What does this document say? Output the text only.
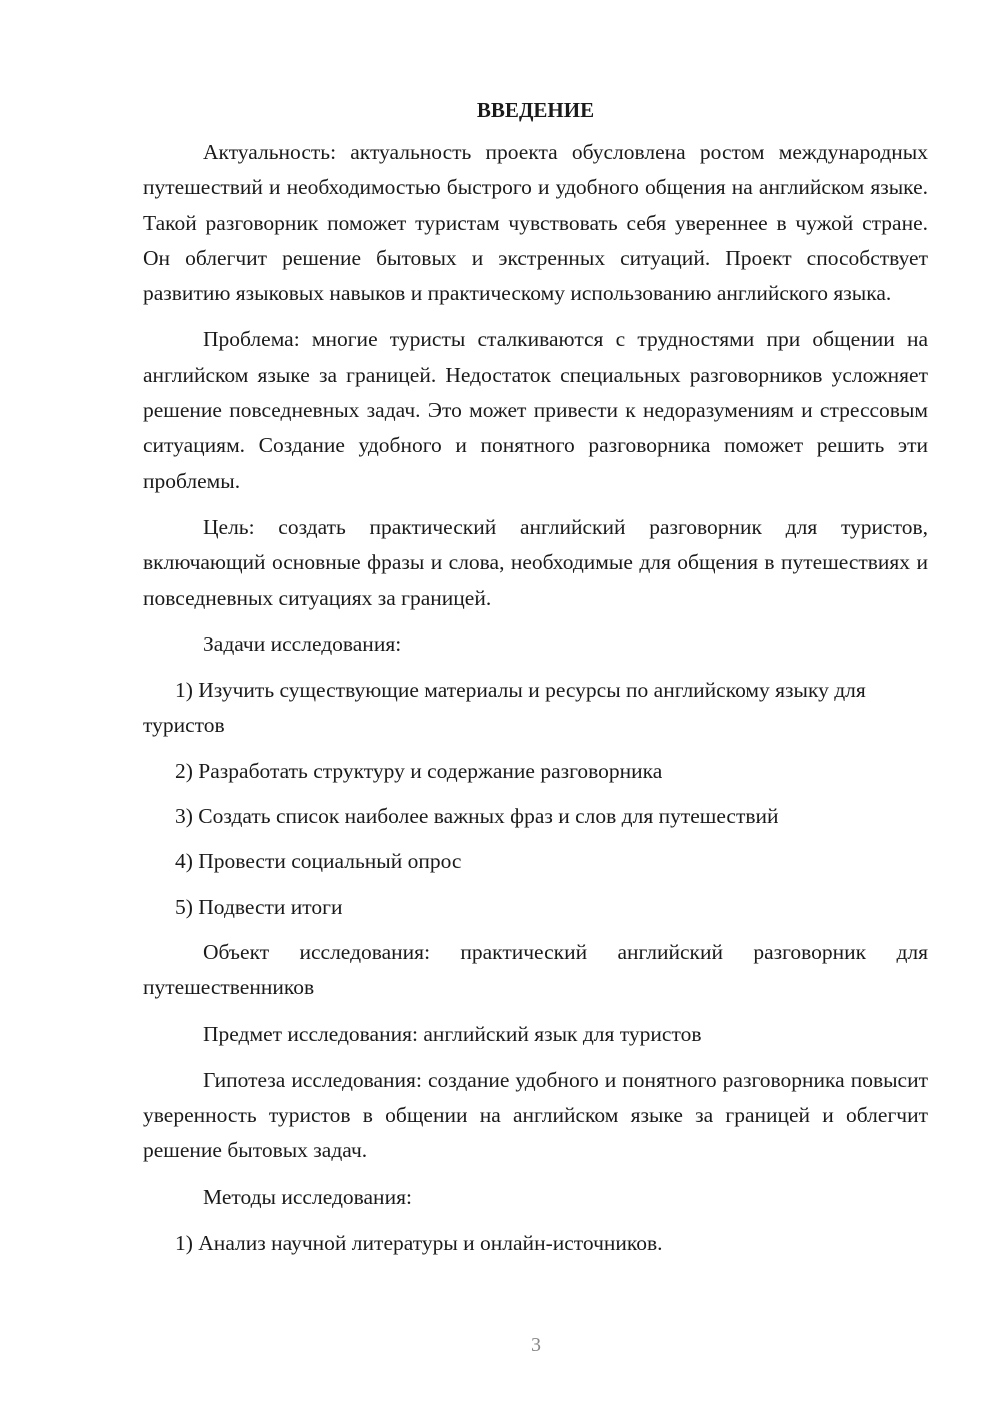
ВВЕДЕНИЕ

Актуальность: актуальность проекта обусловлена ростом международных путешествий и необходимостью быстрого и удобного общения на английском языке. Такой разговорник поможет туристам чувствовать себя увереннее в чужой стране. Он облегчит решение бытовых и экстренных ситуаций. Проект способствует развитию языковых навыков и практическому использованию английского языка.

Проблема: многие туристы сталкиваются с трудностями при общении на английском языке за границей. Недостаток специальных разговорников усложняет решение повседневных задач. Это может привести к недоразумениям и стрессовым ситуациям. Создание удобного и понятного разговорника поможет решить эти проблемы.

Цель: создать практический английский разговорник для туристов, включающий основные фразы и слова, необходимые для общения в путешествиях и повседневных ситуациях за границей.

Задачи исследования:

1) Изучить существующие материалы и ресурсы по английскому языку для туристов

2) Разработать структуру и содержание разговорника

3) Создать список наиболее важных фраз и слов для путешествий

4) Провести социальный опрос

5) Подвести итоги

Объект исследования: практический английский разговорник для путешественников

Предмет исследования: английский язык для туристов

Гипотеза исследования: создание удобного и понятного разговорника повысит уверенность туристов в общении на английском языке за границей и облегчит решение бытовых задач.

Методы исследования:

1) Анализ научной литературы и онлайн-источников.

3
